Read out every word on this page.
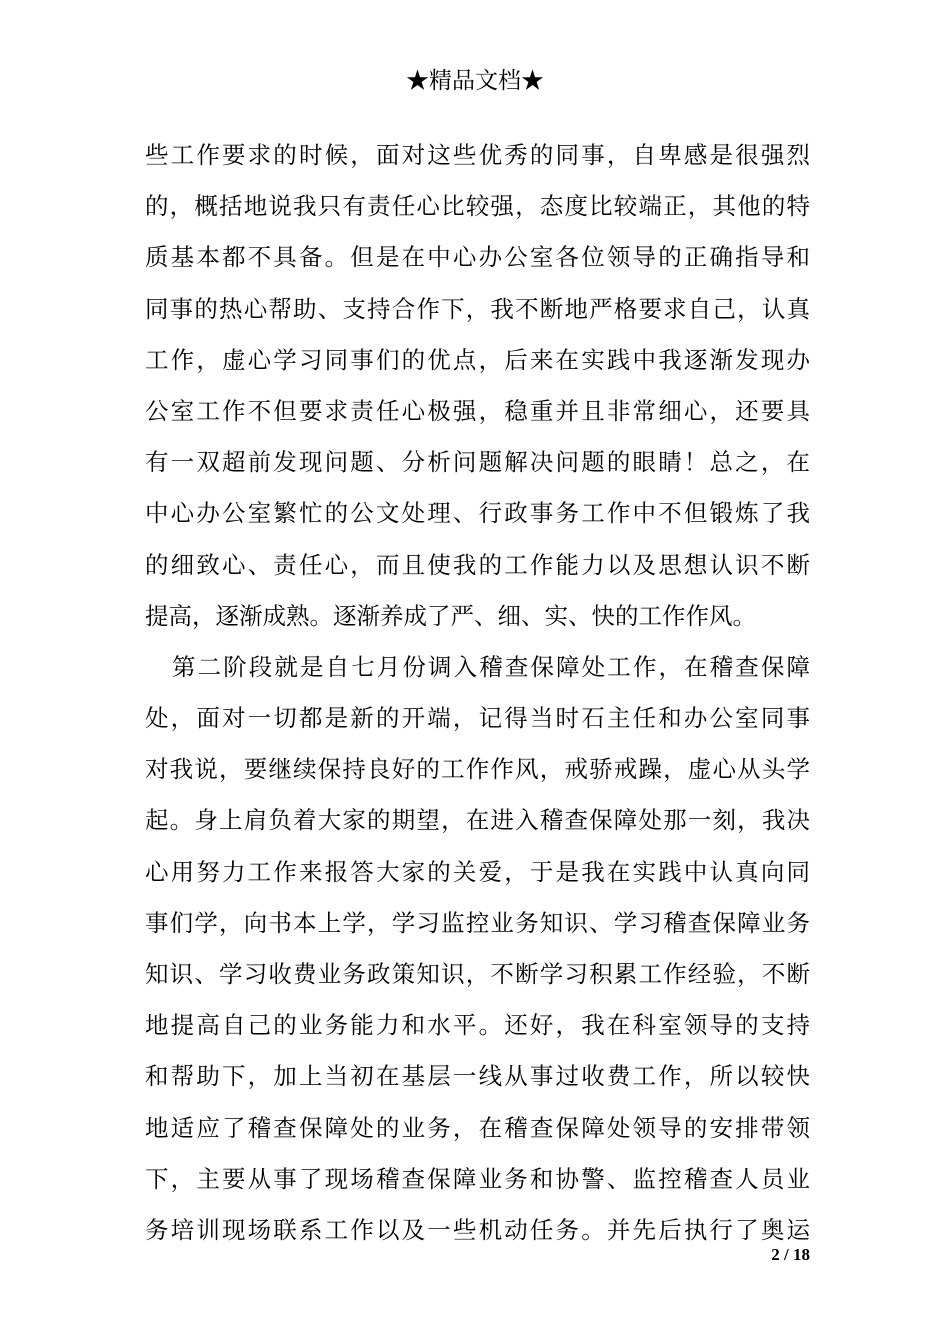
★精品文档★
些工作要求的时候，面对这些优秀的同事，自卑感是很强烈
的，概括地说我只有责任心比较强，态度比较端正，其他的特
质基本都不具备。但是在中心办公室各位领导的正确指导和
同事的热心帮助、支持合作下，我不断地严格要求自己，认真
工作，虚心学习同事们的优点，后来在实践中我逐渐发现办
公室工作不但要求责任心极强，稳重并且非常细心，还要具
有一双超前发现问题、分析问题解决问题的眼睛！总之，在
中心办公室繁忙的公文处理、行政事务工作中不但锻炼了我
的细致心、责任心，而且使我的工作能力以及思想认识不断
提高，逐渐成熟。逐渐养成了严、细、实、快的工作作风。
第二阶段就是自七月份调入稽查保障处工作，在稽查保障
处，面对一切都是新的开端，记得当时石主任和办公室同事
对我说，要继续保持良好的工作作风，戒骄戒躁，虚心从头学
起。身上肩负着大家的期望，在进入稽查保障处那一刻，我决
心用努力工作来报答大家的关爱，于是我在实践中认真向同
事们学，向书本上学，学习监控业务知识、学习稽查保障业务
知识、学习收费业务政策知识，不断学习积累工作经验，不断
地提高自己的业务能力和水平。还好，我在科室领导的支持
和帮助下，加上当初在基层一线从事过收费工作，所以较快
地适应了稽查保障处的业务，在稽查保障处领导的安排带领
下，主要从事了现场稽查保障业务和协警、监控稽查人员业
务培训现场联系工作以及一些机动任务。并先后执行了奥运
2 / 18
